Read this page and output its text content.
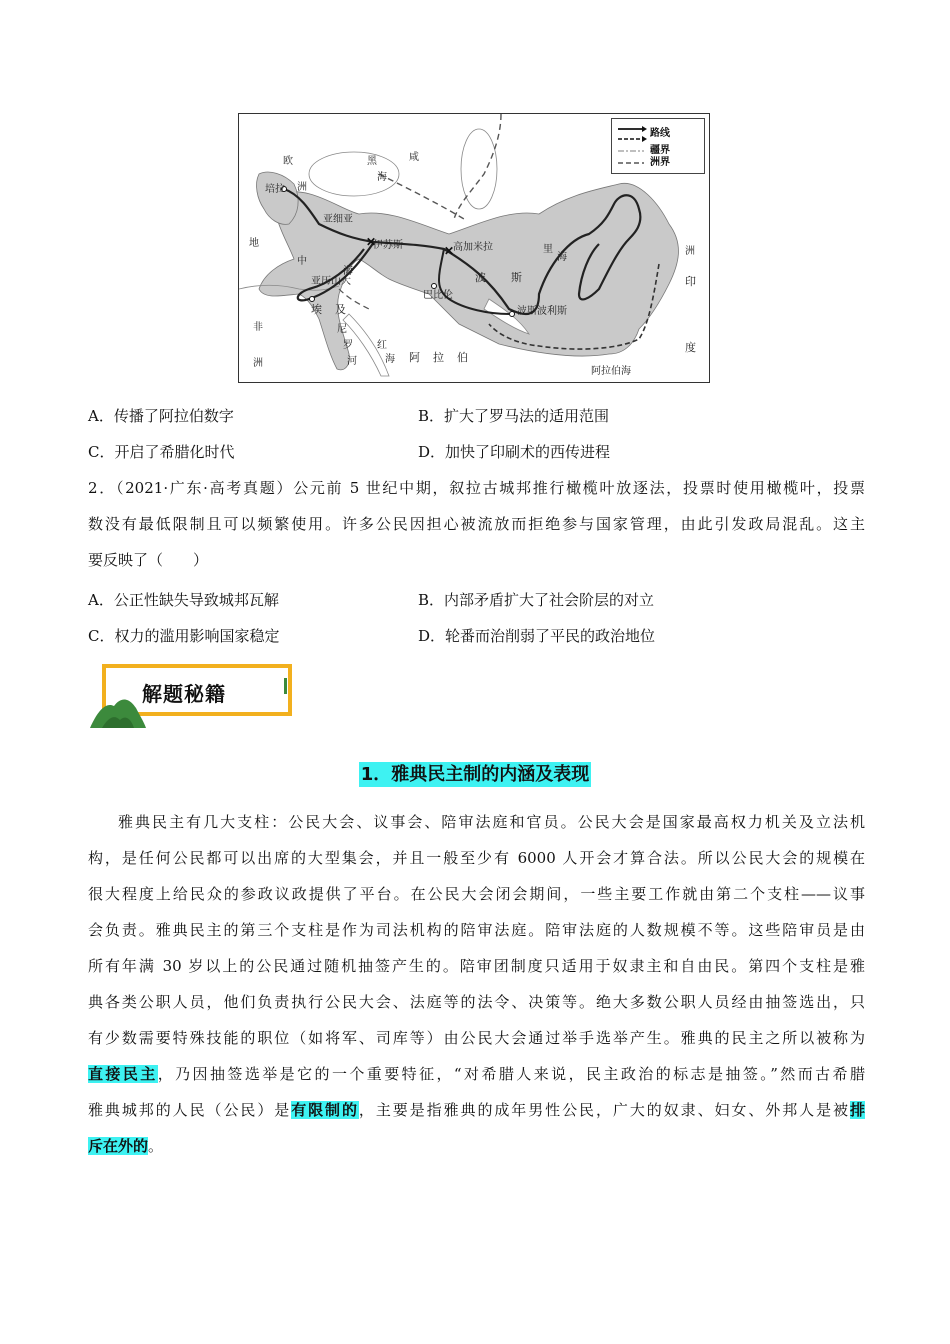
✕
✕
路线
疆界
洲界
欧
洲
黑
海
培拉
亚细亚
地
中
海
伊苏斯	高加米拉
亚历山大
埃 及
尼
罗
河
巴比伦
波 斯
波斯波利斯
红
海 阿 拉 伯
非
洲
里
海
洲
印
度
阿拉伯海
咸
A．传播了阿拉伯数字	B．扩大了罗马法的适用范围
C．开启了希腊化时代	D．加快了印刷术的西传进程
2．（2021·广东·高考真题）公元前 5 世纪中期，叙拉古城邦推行橄榄叶放逐法，投票时使用橄榄叶，投票
数没有最低限制且可以频繁使用。许多公民因担心被流放而拒绝参与国家管理，由此引发政局混乱。这主
要反映了（　　）
A．公正性缺失导致城邦瓦解	B．内部矛盾扩大了社会阶层的对立
C．权力的滥用影响国家稳定	D．轮番而治削弱了平民的政治地位
解题秘籍
1．雅典民主制的内涵及表现
雅典民主有几大支柱：公民大会、议事会、陪审法庭和官员。公民大会是国家最高权力机关及立法机
构，是任何公民都可以出席的大型集会，并且一般至少有 6000 人开会才算合法。所以公民大会的规模在
很大程度上给民众的参政议政提供了平台。在公民大会闭会期间，一些主要工作就由第二个支柱——议事
会负责。雅典民主的第三个支柱是作为司法机构的陪审法庭。陪审法庭的人数规模不等。这些陪审员是由
所有年满 30 岁以上的公民通过随机抽签产生的。陪审团制度只适用于奴隶主和自由民。第四个支柱是雅
典各类公职人员，他们负责执行公民大会、法庭等的法令、决策等。绝大多数公职人员经由抽签选出，只
有少数需要特殊技能的职位（如将军、司库等）由公民大会通过举手选举产生。雅典的民主之所以被称为
直接民主，乃因抽签选举是它的一个重要特征，“对希腊人来说，民主政治的标志是抽签。”然而古希腊
雅典城邦的人民（公民）是有限制的，主要是指雅典的成年男性公民，广大的奴隶、妇女、外邦人是被排
斥在外的。
